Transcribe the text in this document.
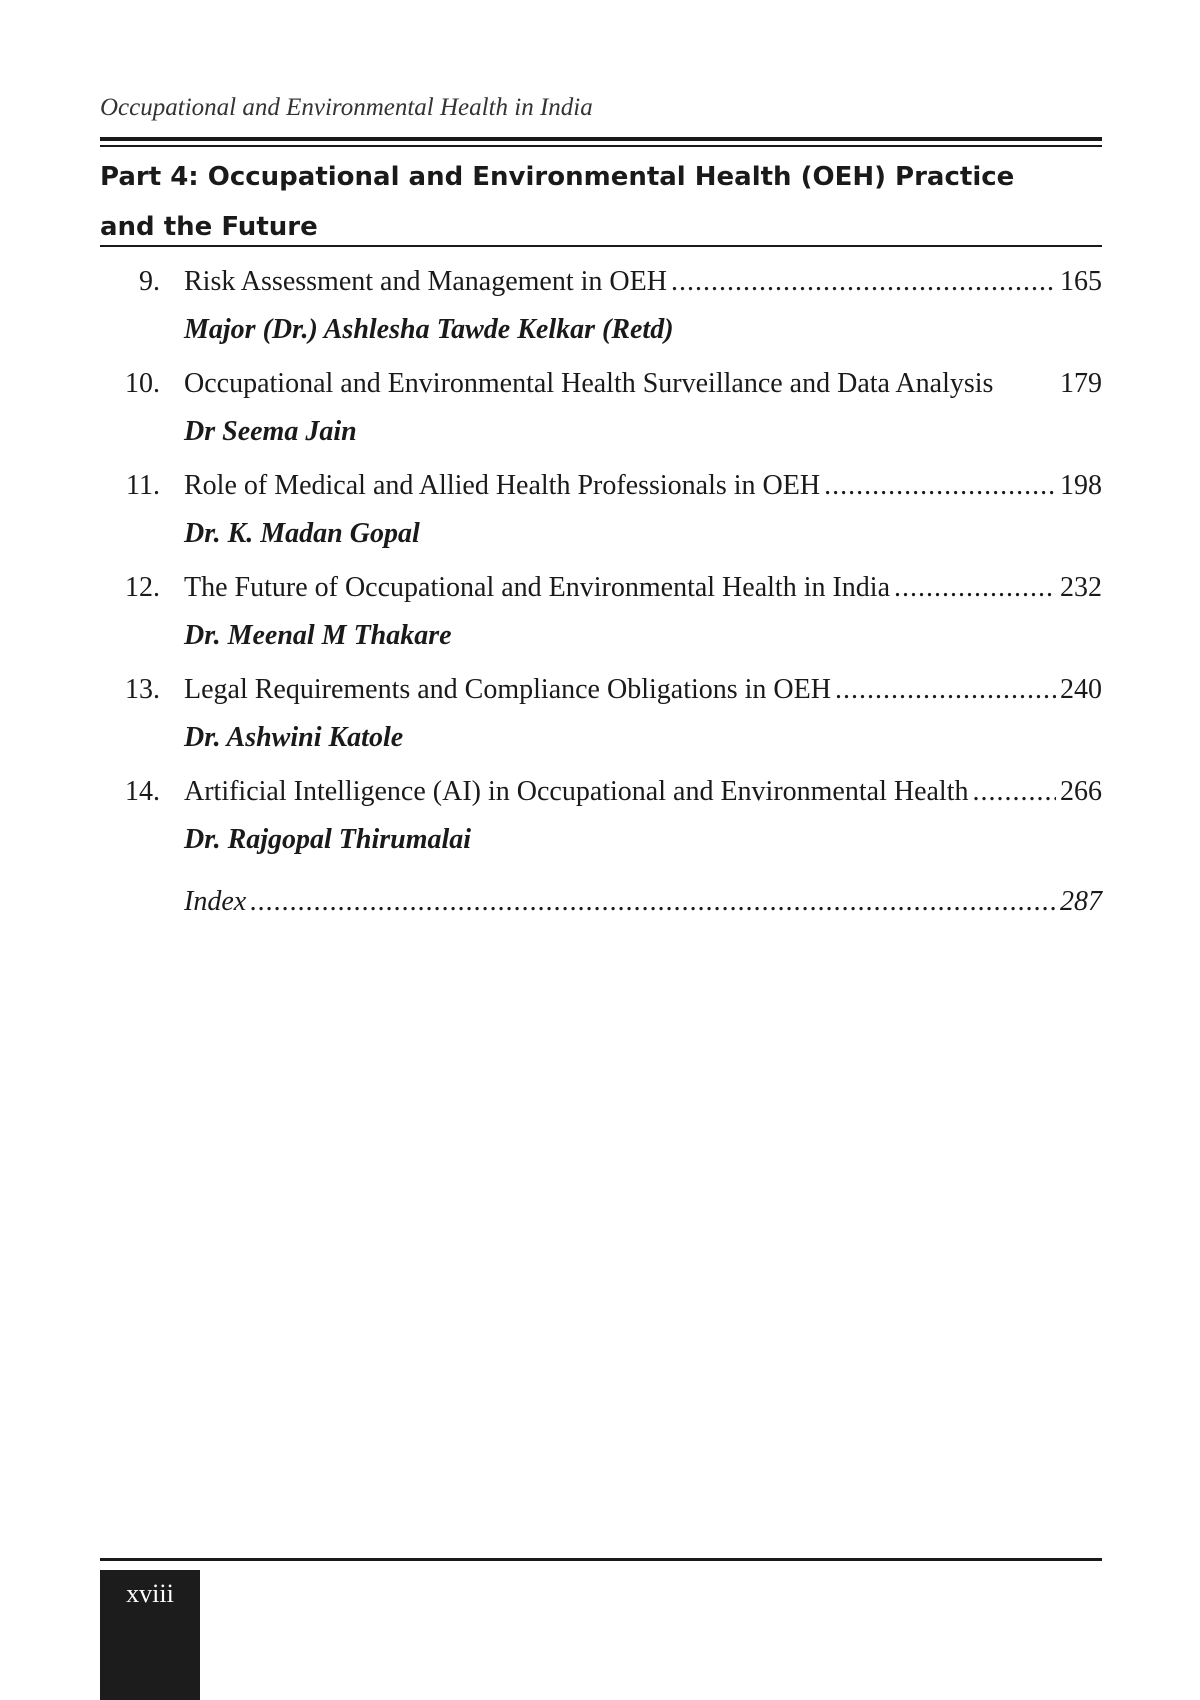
Occupational and Environmental Health in India
Part 4: Occupational and Environmental Health (OEH) Practice
and the Future
9. Risk Assessment and Management in OEH .....	165
Major (Dr.) Ashlesha Tawde Kelkar (Retd)
10. Occupational and Environmental Health Surveillance and Data Analysis 179
Dr Seema Jain
11. Role of Medical and Allied Health Professionals in OEH .....	198
Dr. K. Madan Gopal
12. The Future of Occupational and Environmental Health in India .....	232
Dr. Meenal M Thakare
13. Legal Requirements and Compliance Obligations in OEH .....	240
Dr. Ashwini Katole
14. Artificial Intelligence (AI) in Occupational and Environmental Health .....	266
Dr. Rajgopal Thirumalai
Index .....	287
xviii
